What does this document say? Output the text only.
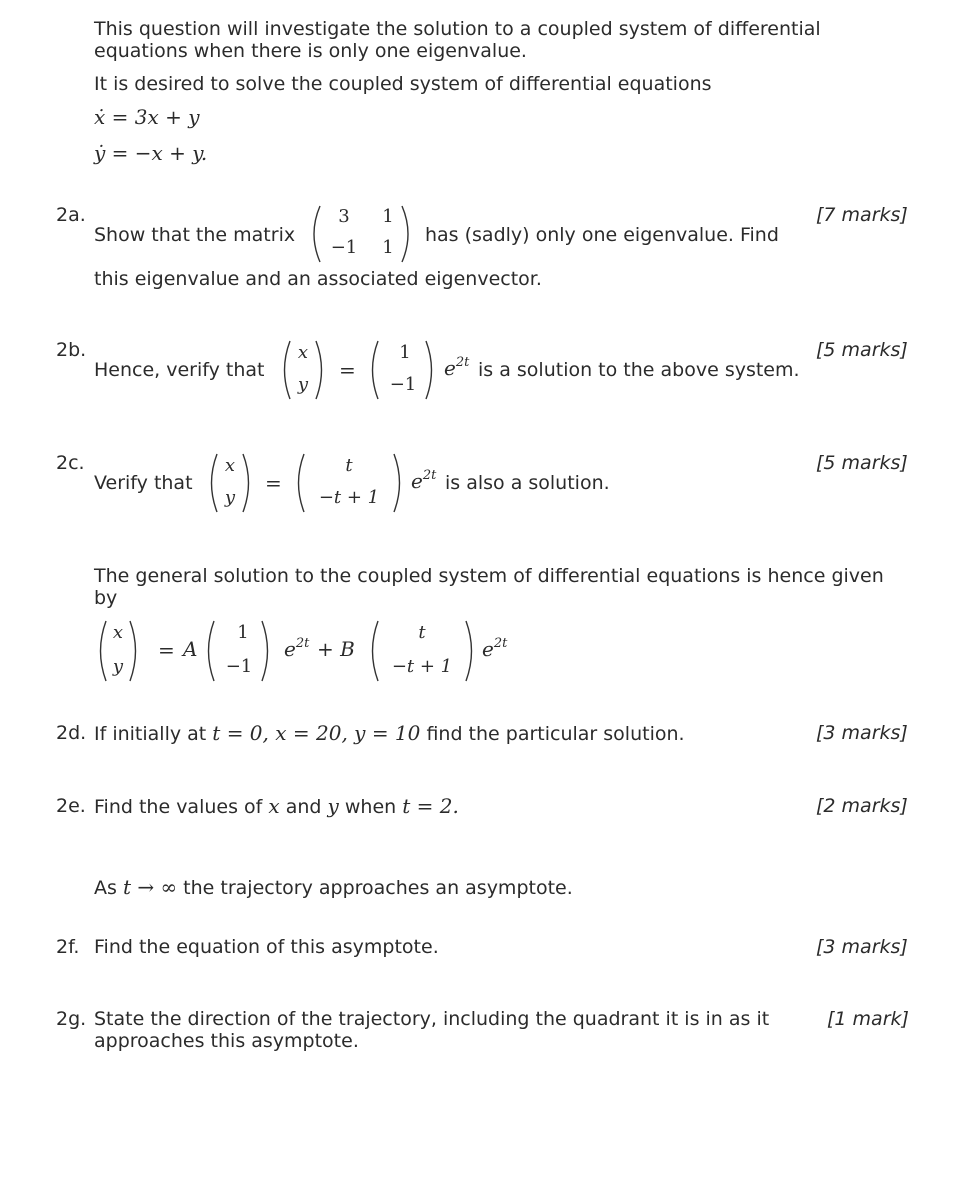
This question will investigate the solution to a coupled system of differential
equations when there is only one eigenvalue.
It is desired to solve the coupled system of differential equations
ẋ = 3x + y
ẏ = −x + y.
2a.	[7 marks]
Show that the matrix
3 1
−1	1
has (sadly) only one eigenvalue. Find
this eigenvalue and an associated eigenvector.
2b.	[5 marks]
Hence, verify that
x
y
=
1
−1
$e^{2t}$ is a solution to the above system.
2c.	[5 marks]
Verify that
x
y
=
t
−t + 1
$e^{2t}$ is also a solution.
The general solution to the coupled system of differential equations is hence given
by
x
y
= A
1
−1
$e^{2t} + B$
t
−t + 1
$e^{2t}$
2d.	[3 marks]
If initially at t = 0, x = 20, y = 10 find the particular solution.
2e.	[2 marks]
Find the values of x and y when t = 2.
As t → ∞ the trajectory approaches an asymptote.
2f.	[3 marks]
Find the equation of this asymptote.
2g.	[1 mark]
State the direction of the trajectory, including the quadrant it is in as it
approaches this asymptote.
